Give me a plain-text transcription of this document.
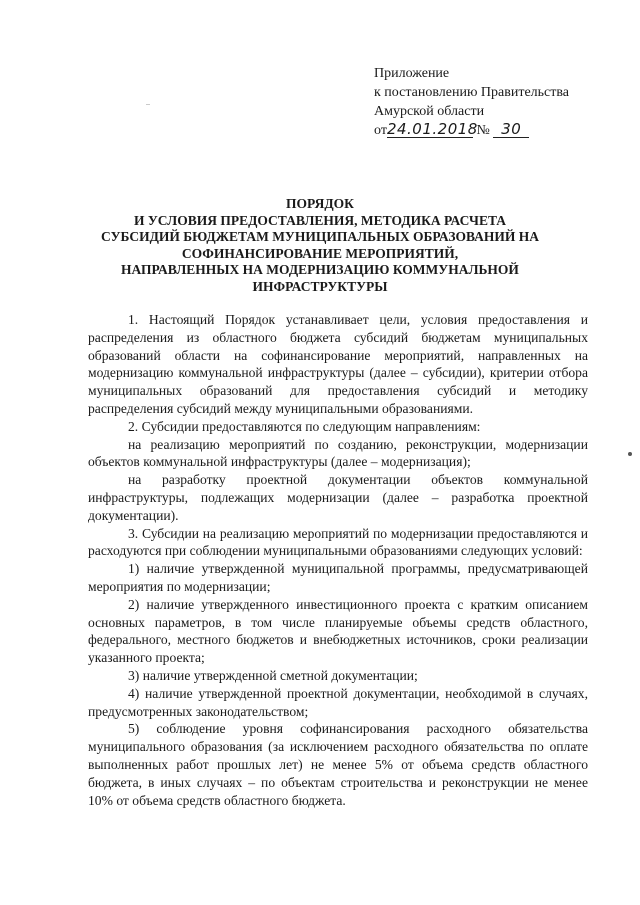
..
Приложение
к постановлению Правительства
Амурской области
от24.01.2018 № 30
ПОРЯДОК
И УСЛОВИЯ ПРЕДОСТАВЛЕНИЯ, МЕТОДИКА РАСЧЕТА
СУБСИДИЙ БЮДЖЕТАМ МУНИЦИПАЛЬНЫХ ОБРАЗОВАНИЙ НА
СОФИНАНСИРОВАНИЕ МЕРОПРИЯТИЙ,
НАПРАВЛЕННЫХ НА МОДЕРНИЗАЦИЮ КОММУНАЛЬНОЙ
ИНФРАСТРУКТУРЫ

1. Настоящий Порядок устанавливает цели, условия предоставления и распределения из областного бюджета субсидий бюджетам муниципальных образований области на софинансирование мероприятий, направленных на модернизацию коммунальной инфраструктуры (далее – субсидии), критерии отбора муниципальных образований для предоставления субсидий и методику распределения субсидий между муниципальными образованиями.

2. Субсидии предоставляются по следующим направлениям:

на реализацию мероприятий по созданию, реконструкции, модернизации объектов коммунальной инфраструктуры (далее – модернизация);

на разработку проектной документации объектов коммунальной инфраструктуры, подлежащих модернизации (далее – разработка проектной документации).

3. Субсидии на реализацию мероприятий по модернизации предоставляются и расходуются при соблюдении муниципальными образованиями следующих условий:

1) наличие утвержденной муниципальной программы, предусматривающей мероприятия по модернизации;

2) наличие утвержденного инвестиционного проекта с кратким описанием основных параметров, в том числе планируемые объемы средств областного, федерального, местного бюджетов и внебюджетных источников, сроки реализации указанного проекта;

3) наличие утвержденной сметной документации;

4) наличие утвержденной проектной документации, необходимой в случаях, предусмотренных законодательством;

5) соблюдение уровня софинансирования расходного обязательства муниципального образования (за исключением расходного обязательства по оплате выполненных работ прошлых лет) не менее 5% от объема средств областного бюджета, в иных случаях – по объектам строительства и реконструкции не менее 10% от объема средств областного бюджета.
